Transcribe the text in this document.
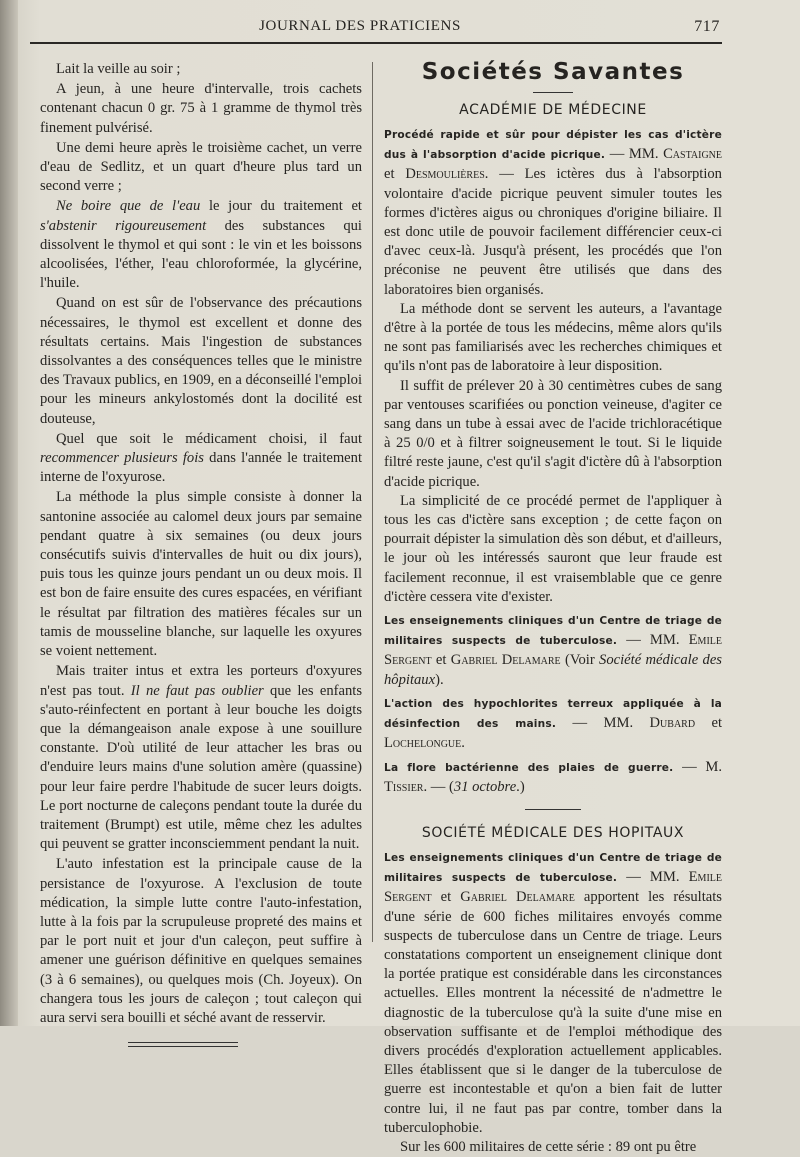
JOURNAL DES PRATICIENS	717

Lait la veille au soir ;

A jeun, à une heure d'intervalle, trois cachets contenant chacun 0 gr. 75 à 1 gramme de thymol très finement pulvérisé.

Une demi heure après le troisième cachet, un verre d'eau de Sedlitz, et un quart d'heure plus tard un second verre ;

Ne boire que de l'eau le jour du traitement et s'abstenir rigoureusement des substances qui dissolvent le thymol et qui sont : le vin et les boissons alcoolisées, l'éther, l'eau chloroformée, la glycérine, l'huile.

Quand on est sûr de l'observance des précautions nécessaires, le thymol est excellent et donne des résultats certains. Mais l'ingestion de substances dissolvantes a des conséquences telles que le ministre des Travaux publics, en 1909, en a déconseillé l'emploi pour les mineurs ankylostomés dont la docilité est douteuse,

Quel que soit le médicament choisi, il faut recommencer plusieurs fois dans l'année le traitement interne de l'oxyurose.

La méthode la plus simple consiste à donner la santonine associée au calomel deux jours par semaine pendant quatre à six semaines (ou deux jours consécutifs suivis d'intervalles de huit ou dix jours), puis tous les quinze jours pendant un ou deux mois. Il est bon de faire ensuite des cures espacées, en vérifiant le résultat par filtration des matières fécales sur un tamis de mousseline blanche, sur laquelle les oxyures se voient nettement.

Mais traiter intus et extra les porteurs d'oxyures n'est pas tout. Il ne faut pas oublier que les enfants s'auto-réinfectent en portant à leur bouche les doigts que la démangeaison anale expose à une souillure constante. D'où utilité de leur attacher les bras ou d'enduire leurs mains d'une solution amère (quassine) pour leur faire perdre l'habitude de sucer leurs doigts. Le port nocturne de caleçons pendant toute la durée du traitement (Brumpt) est utile, même chez les adultes qui peuvent se gratter inconsciemment pendant la nuit.

L'auto infestation est la principale cause de la persistance de l'oxyurose. A l'exclusion de toute médication, la simple lutte contre l'auto-infestation, lutte à la fois par la scrupuleuse propreté des mains et par le port nuit et jour d'un caleçon, peut suffire à amener une guérison définitive en quelques semaines (3 à 6 semaines), ou quelques mois (Ch. Joyeux). On changera tous les jours de caleçon ; tout caleçon qui aura servi sera bouilli et séché avant de resservir.

Sociétés Savantes
ACADÉMIE DE MÉDECINE

Procédé rapide et sûr pour dépister les cas d'ictère dus à l'absorption d'acide picrique. — MM. Castaigne et Desmoulières. — Les ictères dus à l'absorption volontaire d'acide picrique peuvent simuler toutes les formes d'ictères aigus ou chroniques d'origine biliaire. Il est donc utile de pouvoir facilement différencier ceux-ci d'avec ceux-là. Jusqu'à présent, les procédés que l'on préconise ne peuvent être utilisés que dans des laboratoires bien organisés.

La méthode dont se servent les auteurs, a l'avantage d'être à la portée de tous les médecins, même alors qu'ils ne sont pas familiarisés avec les recherches chimiques et qu'ils n'ont pas de laboratoire à leur disposition.

Il suffit de prélever 20 à 30 centimètres cubes de sang par ventouses scarifiées ou ponction veineuse, d'agiter ce sang dans un tube à essai avec de l'acide trichloracétique à 25 0/0 et à filtrer soigneusement le tout. Si le liquide filtré reste jaune, c'est qu'il s'agit d'ictère dû à l'absorption d'acide picrique.

La simplicité de ce procédé permet de l'appliquer à tous les cas d'ictère sans exception ; de cette façon on pourrait dépister la simulation dès son début, et d'ailleurs, le jour où les intéressés sauront que leur fraude est facilement reconnue, il est vraisemblable que ce genre d'ictère cessera vite d'exister.

Les enseignements cliniques d'un Centre de triage de militaires suspects de tuberculose. — MM. Emile Sergent et Gabriel Delamare (Voir Société médicale des hôpitaux).

L'action des hypochlorites terreux appliquée à la désinfection des mains. — MM. Dubard et Lochelongue.

La flore bactérienne des plaies de guerre. — M. Tissier. — (31 octobre.)

SOCIÉTÉ MÉDICALE DES HOPITAUX

Les enseignements cliniques d'un Centre de triage de militaires suspects de tuberculose. — MM. Emile Sergent et Gabriel Delamare apportent les résultats d'une série de 600 fiches militaires envoyés comme suspects de tuberculose dans un Centre de triage. Leurs constatations comportent un enseignement clinique dont la portée pratique est considérable dans les circonstances actuelles. Elles montrent la nécessité de n'admettre le diagnostic de la tuberculose qu'à la suite d'une mise en observation suffisante et de l'emploi méthodique des divers procédés d'exploration actuellement applicables. Elles établissent que si le danger de la tuberculose de guerre est incontestable et qu'on a bien fait de lutter contre lui, il ne faut pas par contre, tomber dans la tuberculophobie.

Sur les 600 militaires de cette série : 89 ont pu être
